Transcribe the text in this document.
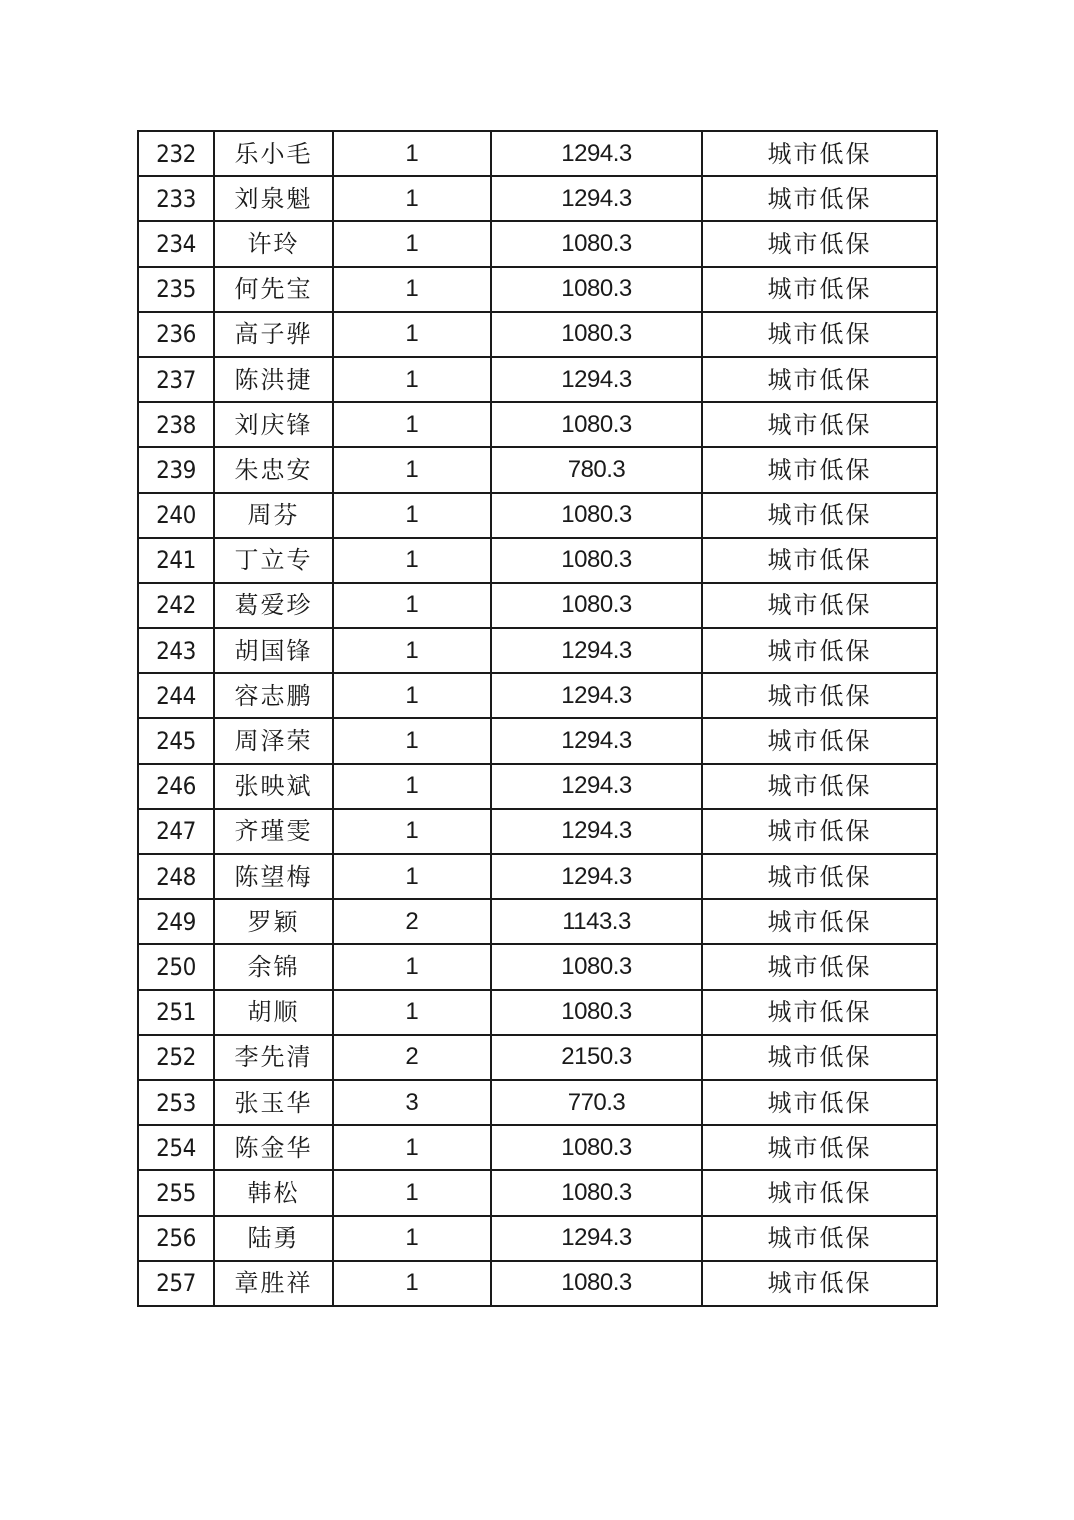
232	乐小毛	1	1294.3	城市低保
233	刘泉魁	1	1294.3	城市低保
234	许玲	1	1080.3	城市低保
235	何先宝	1	1080.3	城市低保
236	高子骅	1	1080.3	城市低保
237	陈洪捷	1	1294.3	城市低保
238	刘庆锋	1	1080.3	城市低保
239	朱忠安	1	780.3	城市低保
240	周芬	1	1080.3	城市低保
241	丁立专	1	1080.3	城市低保
242	葛爱珍	1	1080.3	城市低保
243	胡国锋	1	1294.3	城市低保
244	容志鹏	1	1294.3	城市低保
245	周泽荣	1	1294.3	城市低保
246	张映斌	1	1294.3	城市低保
247	齐瑾雯	1	1294.3	城市低保
248	陈望梅	1	1294.3	城市低保
249	罗颖	2	1143.3	城市低保
250	余锦	1	1080.3	城市低保
251	胡顺	1	1080.3	城市低保
252	李先清	2	2150.3	城市低保
253	张玉华	3	770.3	城市低保
254	陈金华	1	1080.3	城市低保
255	韩松	1	1080.3	城市低保
256	陆勇	1	1294.3	城市低保
257	章胜祥	1	1080.3	城市低保
